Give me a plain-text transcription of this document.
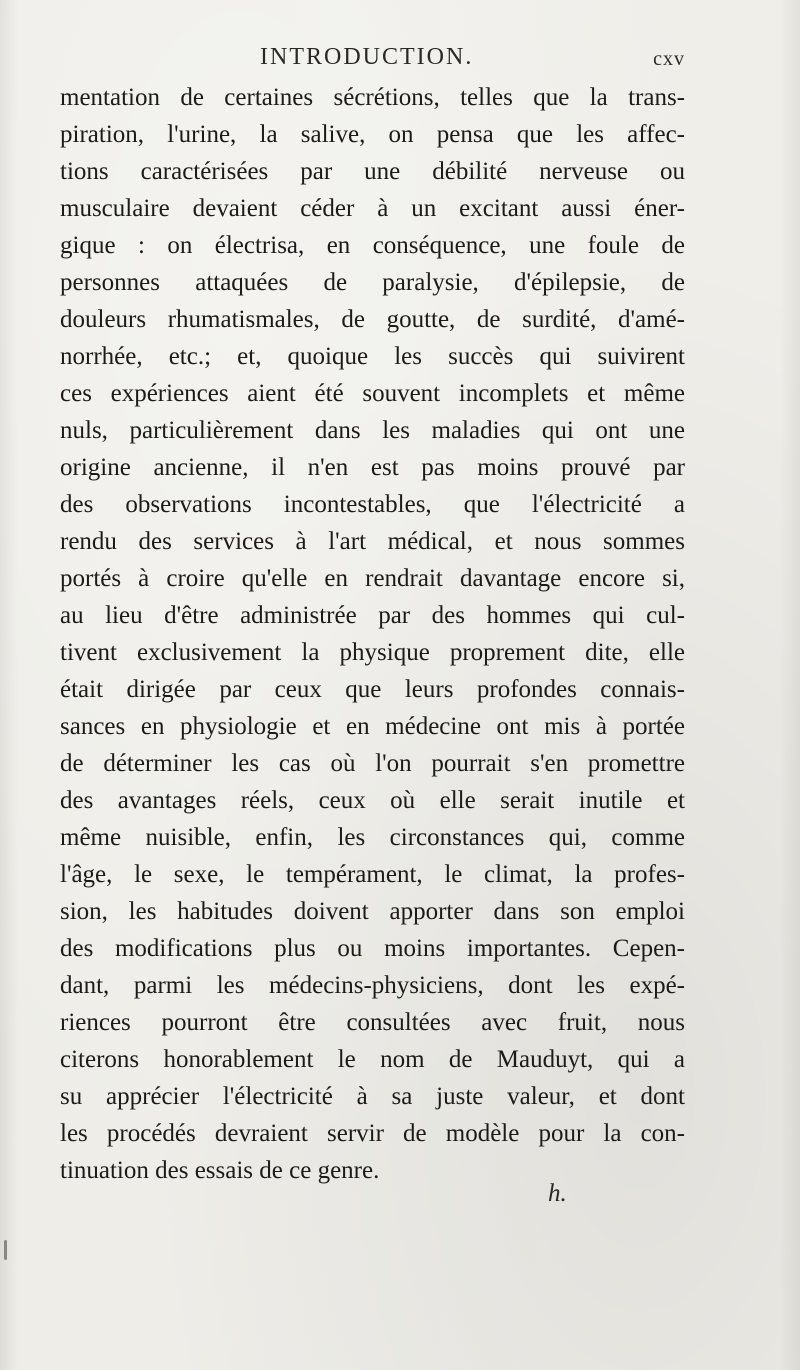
INTRODUCTION.	cxv
mentation de certaines sécrétions, telles que la trans-
piration, l'urine, la salive, on pensa que les affec-
tions caractérisées par une débilité nerveuse ou
musculaire devaient céder à un excitant aussi éner-
gique : on électrisa, en conséquence, une foule de
personnes attaquées de paralysie, d'épilepsie, de
douleurs rhumatismales, de goutte, de surdité, d'amé-
norrhée, etc.; et, quoique les succès qui suivirent
ces expériences aient été souvent incomplets et même
nuls, particulièrement dans les maladies qui ont une
origine ancienne, il n'en est pas moins prouvé par
des observations incontestables, que l'électricité a
rendu des services à l'art médical, et nous sommes
portés à croire qu'elle en rendrait davantage encore si,
au lieu d'être administrée par des hommes qui cul-
tivent exclusivement la physique proprement dite, elle
était dirigée par ceux que leurs profondes connais-
sances en physiologie et en médecine ont mis à portée
de déterminer les cas où l'on pourrait s'en promettre
des avantages réels, ceux où elle serait inutile et
même nuisible, enfin, les circonstances qui, comme
l'âge, le sexe, le tempérament, le climat, la profes-
sion, les habitudes doivent apporter dans son emploi
des modifications plus ou moins importantes. Cepen-
dant, parmi les médecins-physiciens, dont les expé-
riences pourront être consultées avec fruit, nous
citerons honorablement le nom de Mauduyt, qui a
su apprécier l'électricité à sa juste valeur, et dont
les procédés devraient servir de modèle pour la con-
tinuation des essais de ce genre.
h.
